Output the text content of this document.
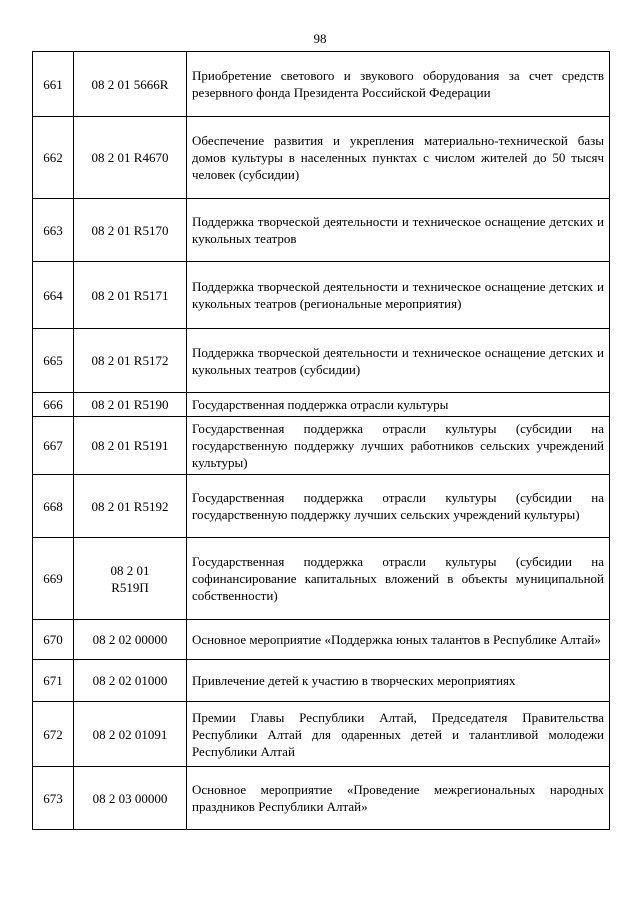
98
661	08 2 01 5666R	Приобретение светового и звукового оборудования за счет средств резервного фонда Президента Российской Федерации

662	08 2 01 R4670	Обеспечение развития и укрепления материально-технической базы домов культуры в населенных пунктах с числом жителей до 50 тысяч человек (субсидии)

663	08 2 01 R5170	Поддержка творческой деятельности и техническое оснащение детских и кукольных театров

664	08 2 01 R5171	Поддержка творческой деятельности и техническое оснащение детских и кукольных театров (региональные мероприятия)

665	08 2 01 R5172	Поддержка творческой деятельности и техническое оснащение детских и кукольных театров (субсидии)

666	08 2 01 R5190	Государственная поддержка отрасли культуры

667	08 2 01 R5191	Государственная поддержка отрасли культуры (субсидии на государственную поддержку лучших работников сельских учреждений культуры)

668	08 2 01 R5192	Государственная поддержка отрасли культуры (субсидии на государственную поддержку лучших сельских учреждений культуры)

669	08 2 01 R519П	Государственная поддержка отрасли культуры (субсидии на софинансирование капитальных вложений в объекты муниципальной собственности)

670	08 2 02 00000	Основное мероприятие «Поддержка юных талантов в Республике Алтай»

671	08 2 02 01000	Привлечение детей к участию в творческих мероприятиях

672	08 2 02 01091	Премии Главы Республики Алтай, Председателя Правительства Республики Алтай для одаренных детей и талантливой молодежи Республики Алтай

673	08 2 03 00000	Основное мероприятие «Проведение межрегиональных народных праздников Республики Алтай»
